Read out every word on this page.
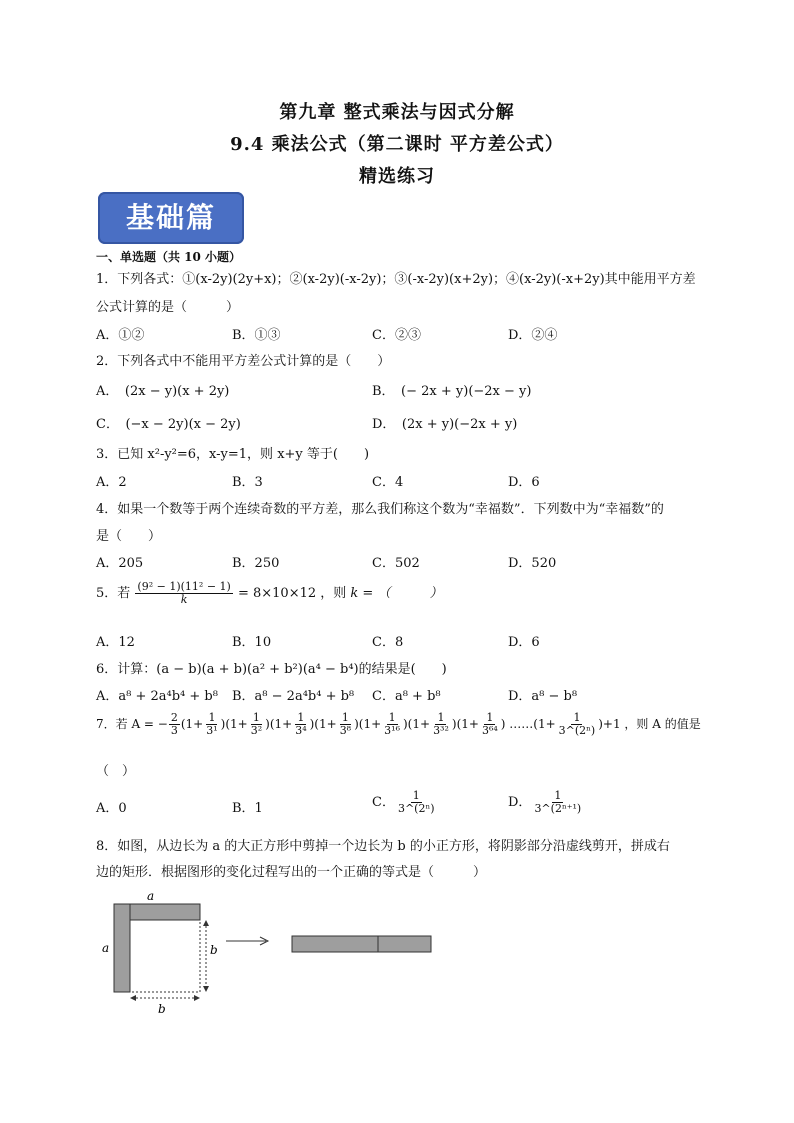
第九章 整式乘法与因式分解
9.4 乘法公式（第二课时 平方差公式）
精选练习
基础篇
一、单选题（共 10 小题）
1．下列各式：①(x-2y)(2y+x)；②(x-2y)(-x-2y)；③(-x-2y)(x+2y)；④(x-2y)(-x+2y)其中能用平方差
公式计算的是（　　　）
A．①②	B．①③	C．②③	D．②④
2．下列各式中不能用平方差公式计算的是（　　）
A．　(2x − y)(x + 2y)	B．　(− 2x + y)(−2x − y)
C．　(−x − 2y)(x − 2y)	D．　(2x + y)(−2x + y)
3．已知 x²-y²=6，x-y=1，则 x+y 等于(　　)
A．2	B．3	C．4	D．6
4．如果一个数等于两个连续奇数的平方差，那么我们称这个数为“幸福数”．下列数中为“幸福数”的
是（　　）
A．205	B．250	C．502	D．520
5．若 $\frac{\text{(9² − 1)(11² − 1)}}{k} = 8\times 10\times 12$ ，则 k = （　　　）
A．12	B．10	C．8	D．6
6．计算：(a − b)(a + b)(a² + b²)(a⁴ − b⁴)的结果是(　　)
A．a⁸ + 2a⁴b⁴ + b⁸ B．a⁸ − 2a⁴b⁴ + b⁸ C．a⁸ + b⁸	D．a⁸ − b⁸
7．若 A = − $\frac{2}{3} (1+ \frac{1}{\text{3¹}} )(1+ \frac{1}{\text{3²}} )(1+ \frac{1}{\text{3⁴}} )(1+ \frac{1}{\text{3⁸}} )(1+ \frac{1}{\text{3¹⁶}} )(1+ \frac{1}{\text{3³²}} )(1+ \frac{1}{\text{3⁶⁴}}$ ) ……(1+ $\frac{1}{\text{3\textasciicircum{}(2ⁿ)}} )+1$ ，则 A 的值是
（　）
A．0	B．1	C． $\frac{1}{\text{3\textasciicircum{}(2ⁿ)}}$	D． $\frac{1}{\text{3\textasciicircum{}(2ⁿ⁺¹)}}$
8．如图，从边长为 a 的大正方形中剪掉一个边长为 b 的小正方形，将阴影部分沿虚线剪开，拼成右
边的矩形．根据图形的变化过程写出的一个正确的等式是（　　　）
a
a	b
b
